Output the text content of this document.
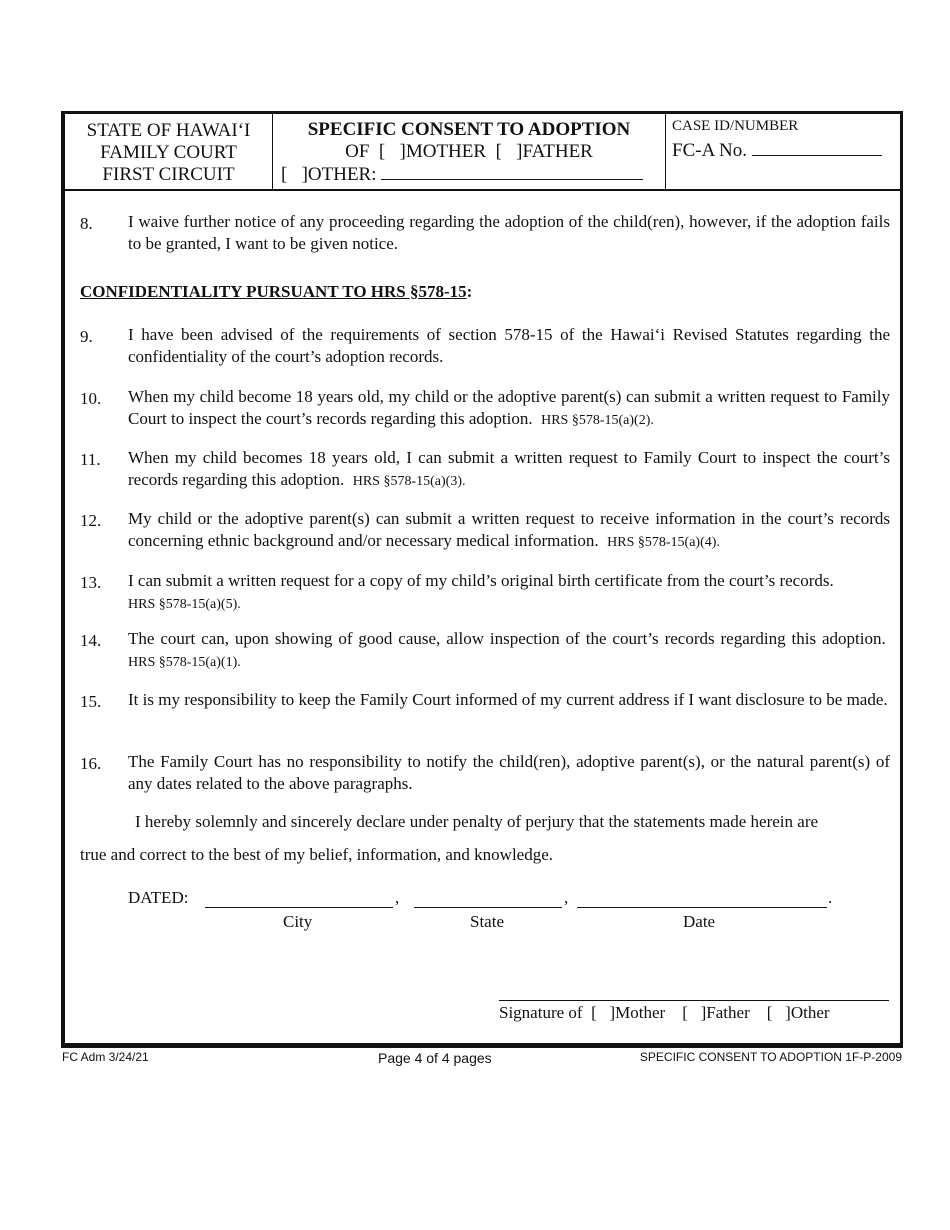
STATE OF HAWAI‘I
FAMILY COURT
FIRST CIRCUIT
SPECIFIC CONSENT TO ADOPTION
OF [ ]MOTHER [ ]FATHER
[ ]OTHER:
CASE ID/NUMBER
FC-A No.
8.	I waive further notice of any proceeding regarding the adoption of the child(ren), however, if the adoption fails to be granted, I want to be given notice.
CONFIDENTIALITY PURSUANT TO HRS §578-15:
9.	I have been advised of the requirements of section 578-15 of the Hawai‘i Revised Statutes regarding the confidentiality of the court’s adoption records.
10.	When my child become 18 years old, my child or the adoptive parent(s) can submit a written request to Family Court to inspect the court’s records regarding this adoption. HRS §578-15(a)(2).
11.	When my child becomes 18 years old, I can submit a written request to Family Court to inspect the court’s records regarding this adoption. HRS §578-15(a)(3).
12.	My child or the adoptive parent(s) can submit a written request to receive information in the court’s records concerning ethnic background and/or necessary medical information. HRS §578-15(a)(4).
13.	I can submit a written request for a copy of my child’s original birth certificate from the court’s records.
HRS §578-15(a)(5).
14.	The court can, upon showing of good cause, allow inspection of the court’s records regarding this adoption.  HRS §578-15(a)(1).
15.	It is my responsibility to keep the Family Court informed of my current address if I want disclosure to be made.
16.	The Family Court has no responsibility to notify the child(ren), adoptive parent(s), or the natural parent(s) of any dates related to the above paragraphs.
I hereby solemnly and sincerely declare under penalty of perjury that the statements made herein are
true and correct to the best of my belief, information, and knowledge.
DATED:	,	,	.
City	State	Date
Signature of [ ]Mother [ ]Father [ ]Other
FC Adm 3/24/21	Page 4 of 4 pages	SPECIFIC CONSENT TO ADOPTION 1F-P-2009
